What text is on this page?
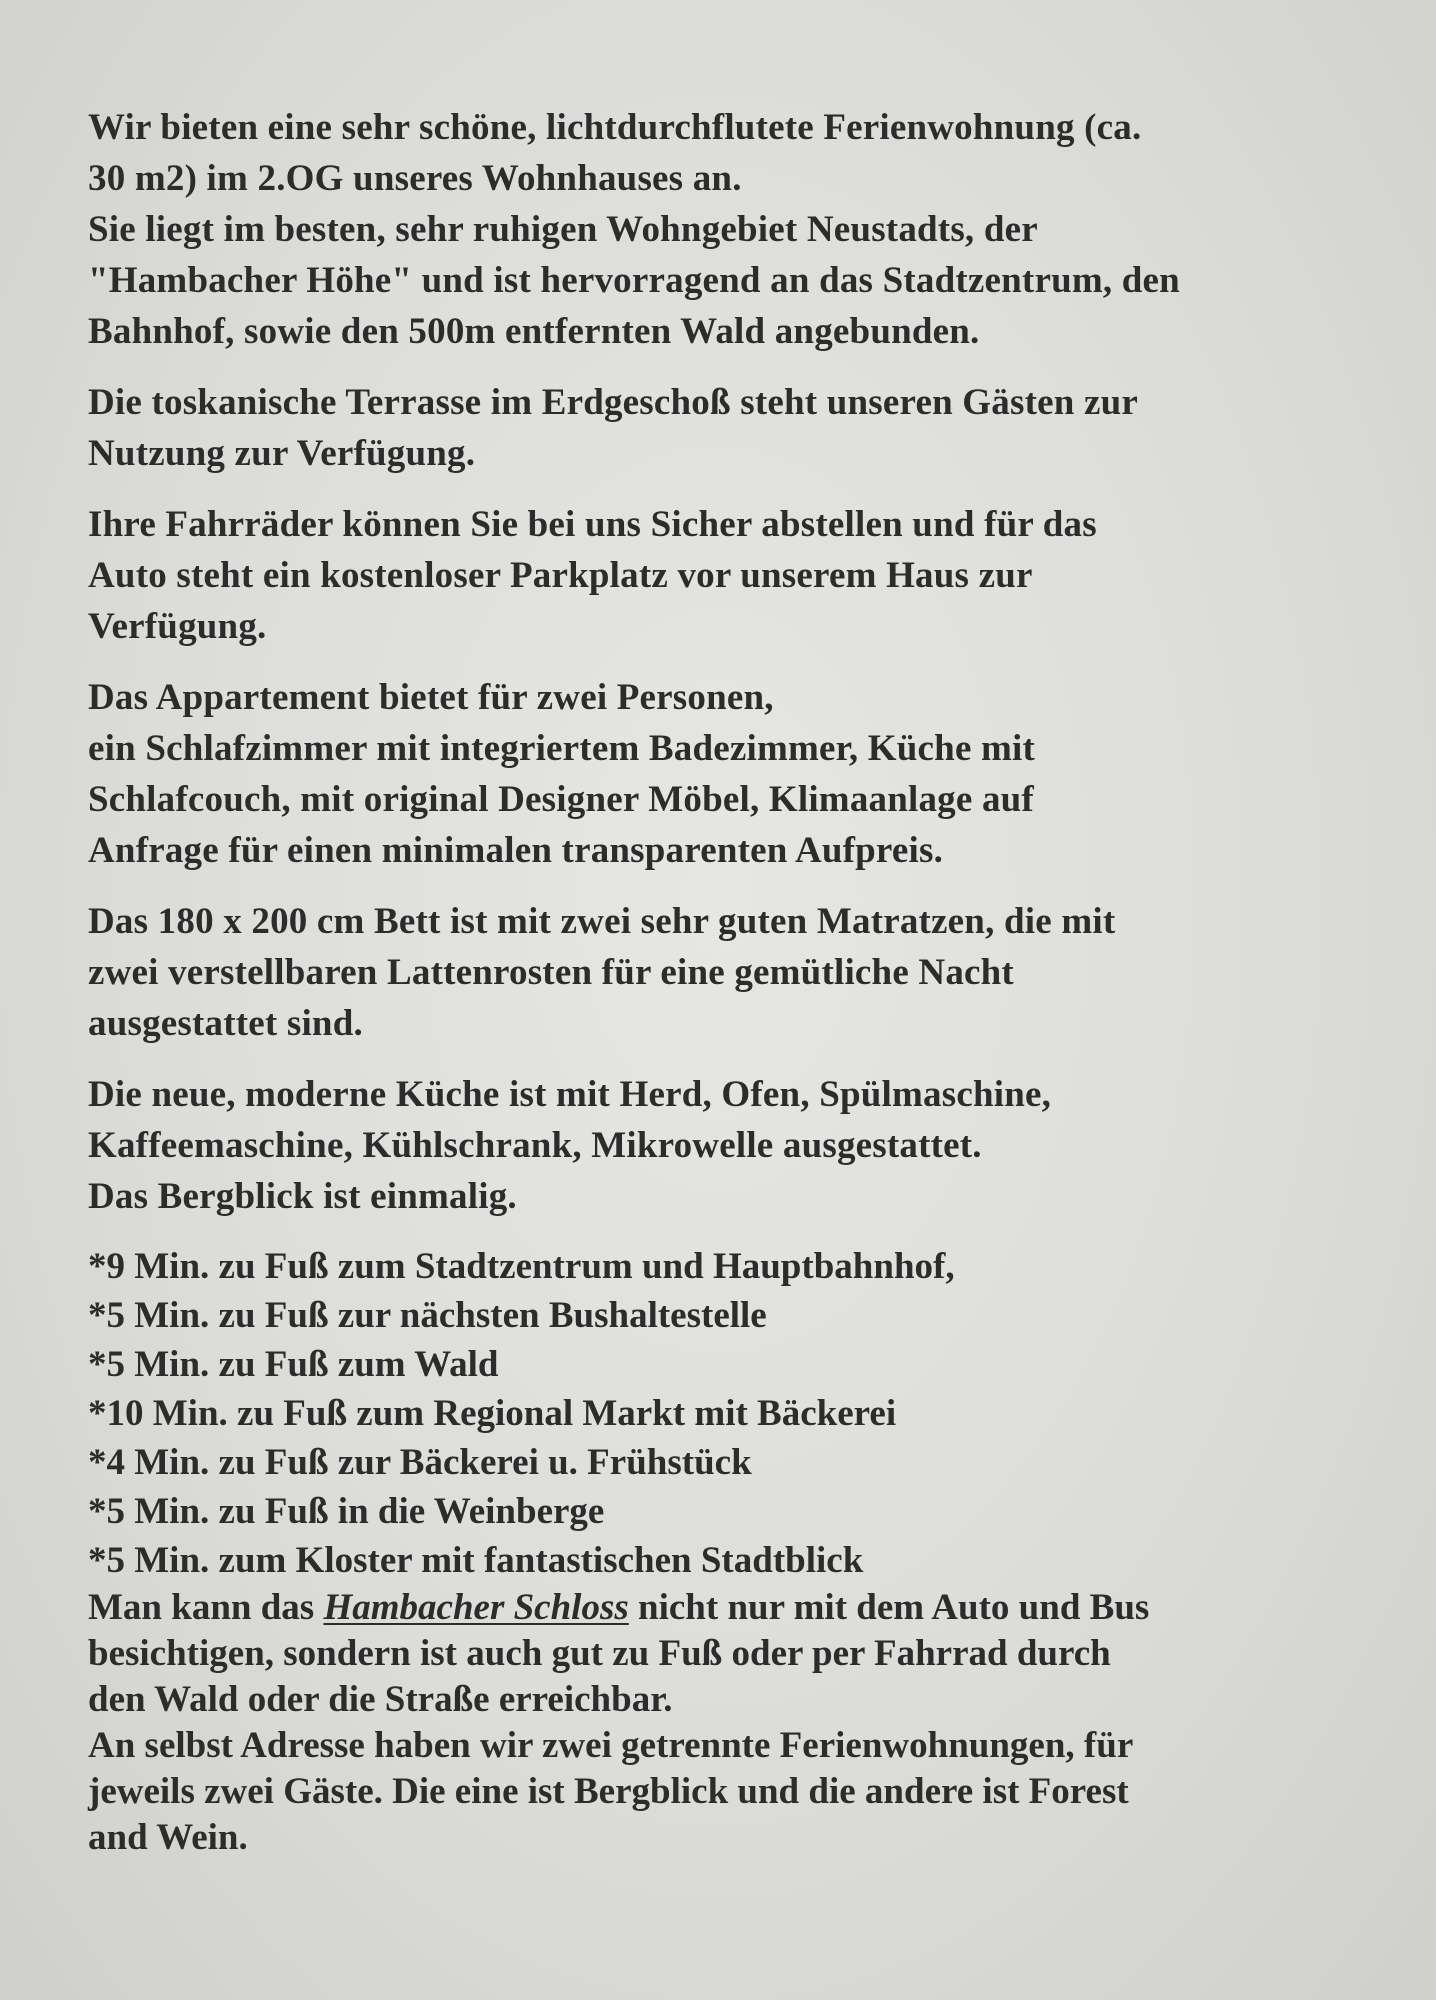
Wir bieten eine sehr schöne, lichtdurchflutete Ferienwohnung (ca.
30 m2) im 2.OG unseres Wohnhauses an.
Sie liegt im besten, sehr ruhigen Wohngebiet Neustadts, der
"Hambacher Höhe" und ist hervorragend an das Stadtzentrum, den
Bahnhof, sowie den 500m entfernten Wald angebunden.

Die toskanische Terrasse im Erdgeschoß steht unseren Gästen zur
Nutzung zur Verfügung.

Ihre Fahrräder können Sie bei uns Sicher abstellen und für das
Auto steht ein kostenloser Parkplatz vor unserem Haus zur
Verfügung.

Das Appartement bietet für zwei Personen,
ein Schlafzimmer mit integriertem Badezimmer, Küche mit
Schlafcouch, mit original Designer Möbel, Klimaanlage auf
Anfrage für einen minimalen transparenten Aufpreis.

Das 180 x 200 cm Bett ist mit zwei sehr guten Matratzen, die mit
zwei verstellbaren Lattenrosten für eine gemütliche Nacht
ausgestattet sind.

Die neue, moderne Küche ist mit Herd, Ofen, Spülmaschine,
Kaffeemaschine, Kühlschrank, Mikrowelle ausgestattet.
Das Bergblick ist einmalig.

*9 Min. zu Fuß zum Stadtzentrum und Hauptbahnhof,
*5 Min. zu Fuß zur nächsten Bushaltestelle
*5 Min. zu Fuß zum Wald
*10 Min. zu Fuß zum Regional Markt mit Bäckerei
*4 Min. zu Fuß zur Bäckerei u. Frühstück
*5 Min. zu Fuß in die Weinberge
*5 Min. zum Kloster mit fantastischen Stadtblick

Man kann das Hambacher Schloss nicht nur mit dem Auto und Bus
besichtigen, sondern ist auch gut zu Fuß oder per Fahrrad durch
den Wald oder die Straße erreichbar.

An selbst Adresse haben wir zwei getrennte Ferienwohnungen, für
jeweils zwei Gäste. Die eine ist Bergblick und die andere ist Forest
and Wein.
